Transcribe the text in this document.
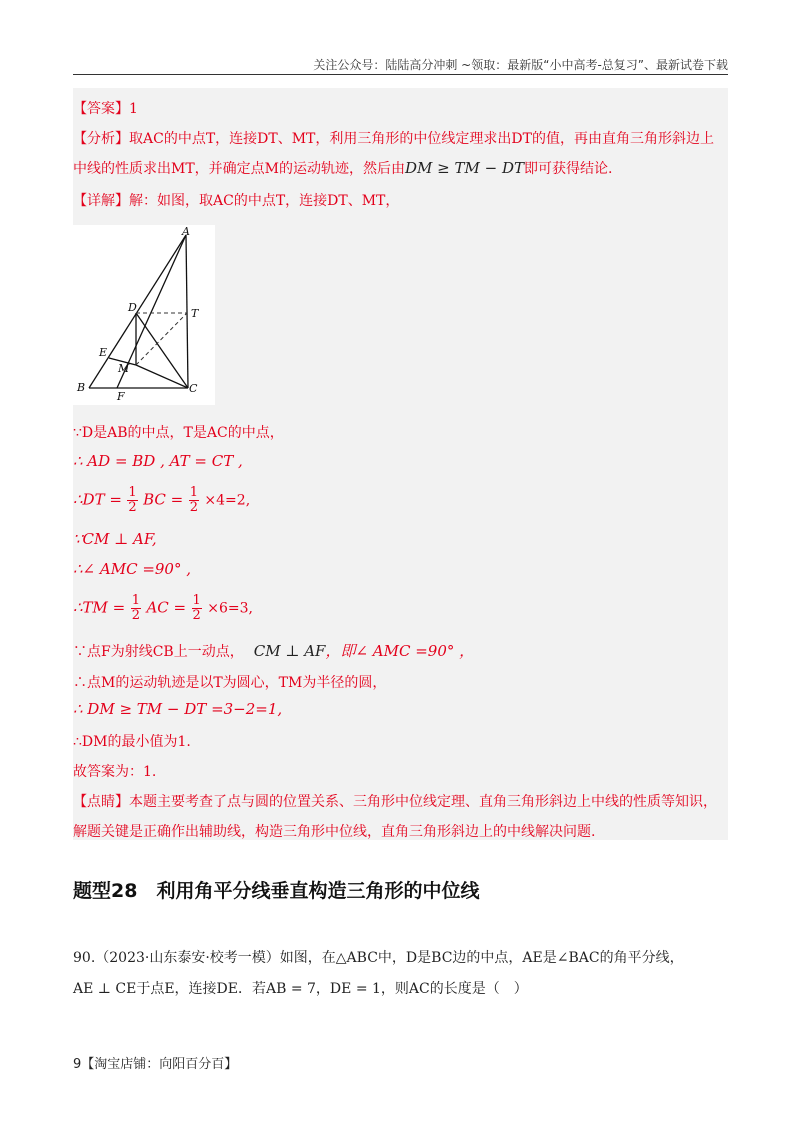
关注公众号：陆陆高分冲刺 ~领取：最新版“小中高考-总复习”、最新试卷下载
【答案】1
【分析】取AC的中点T，连接DT、MT，利用三角形的中位线定理求出DT的值，再由直角三角形斜边上
中线的性质求出MT，并确定点M的运动轨迹，然后由DM ≥ TM − DT即可获得结论.
【详解】解：如图，取AC的中点T，连接DT、MT，
A
D	T
E
M
B
F
C
∵D是AB的中点，T是AC的中点，
∴ AD = BD , AT = CT ,
∴DT = $\frac{1}{2}$ BC = $\frac{1}{2} \times 4=2$,
∵CM ⊥ AF,
∴∠ AMC =90° ,
∴TM = $\frac{1}{2}$ AC = $\frac{1}{2} \times 6=3$,
∵点F为射线CB上一动点， CM ⊥ AF，即∠ AMC =90° ，
∴点M的运动轨迹是以T为圆心，TM为半径的圆，
∴ DM ≥ TM − DT =3−2=1,
∴DM的最小值为1.
故答案为：1.
【点睛】本题主要考查了点与圆的位置关系、三角形中位线定理、直角三角形斜边上中线的性质等知识，
解题关键是正确作出辅助线，构造三角形中位线，直角三角形斜边上的中线解决问题.
题型28　利用角平分线垂直构造三角形的中位线
90.（2023·山东泰安·校考一模）如图，在△ABC中，D是BC边的中点，AE是∠BAC的角平分线，
AE ⊥ CE于点E，连接DE．若AB = 7，DE = 1，则AC的长度是（　）
9【淘宝店铺：向阳百分百】
